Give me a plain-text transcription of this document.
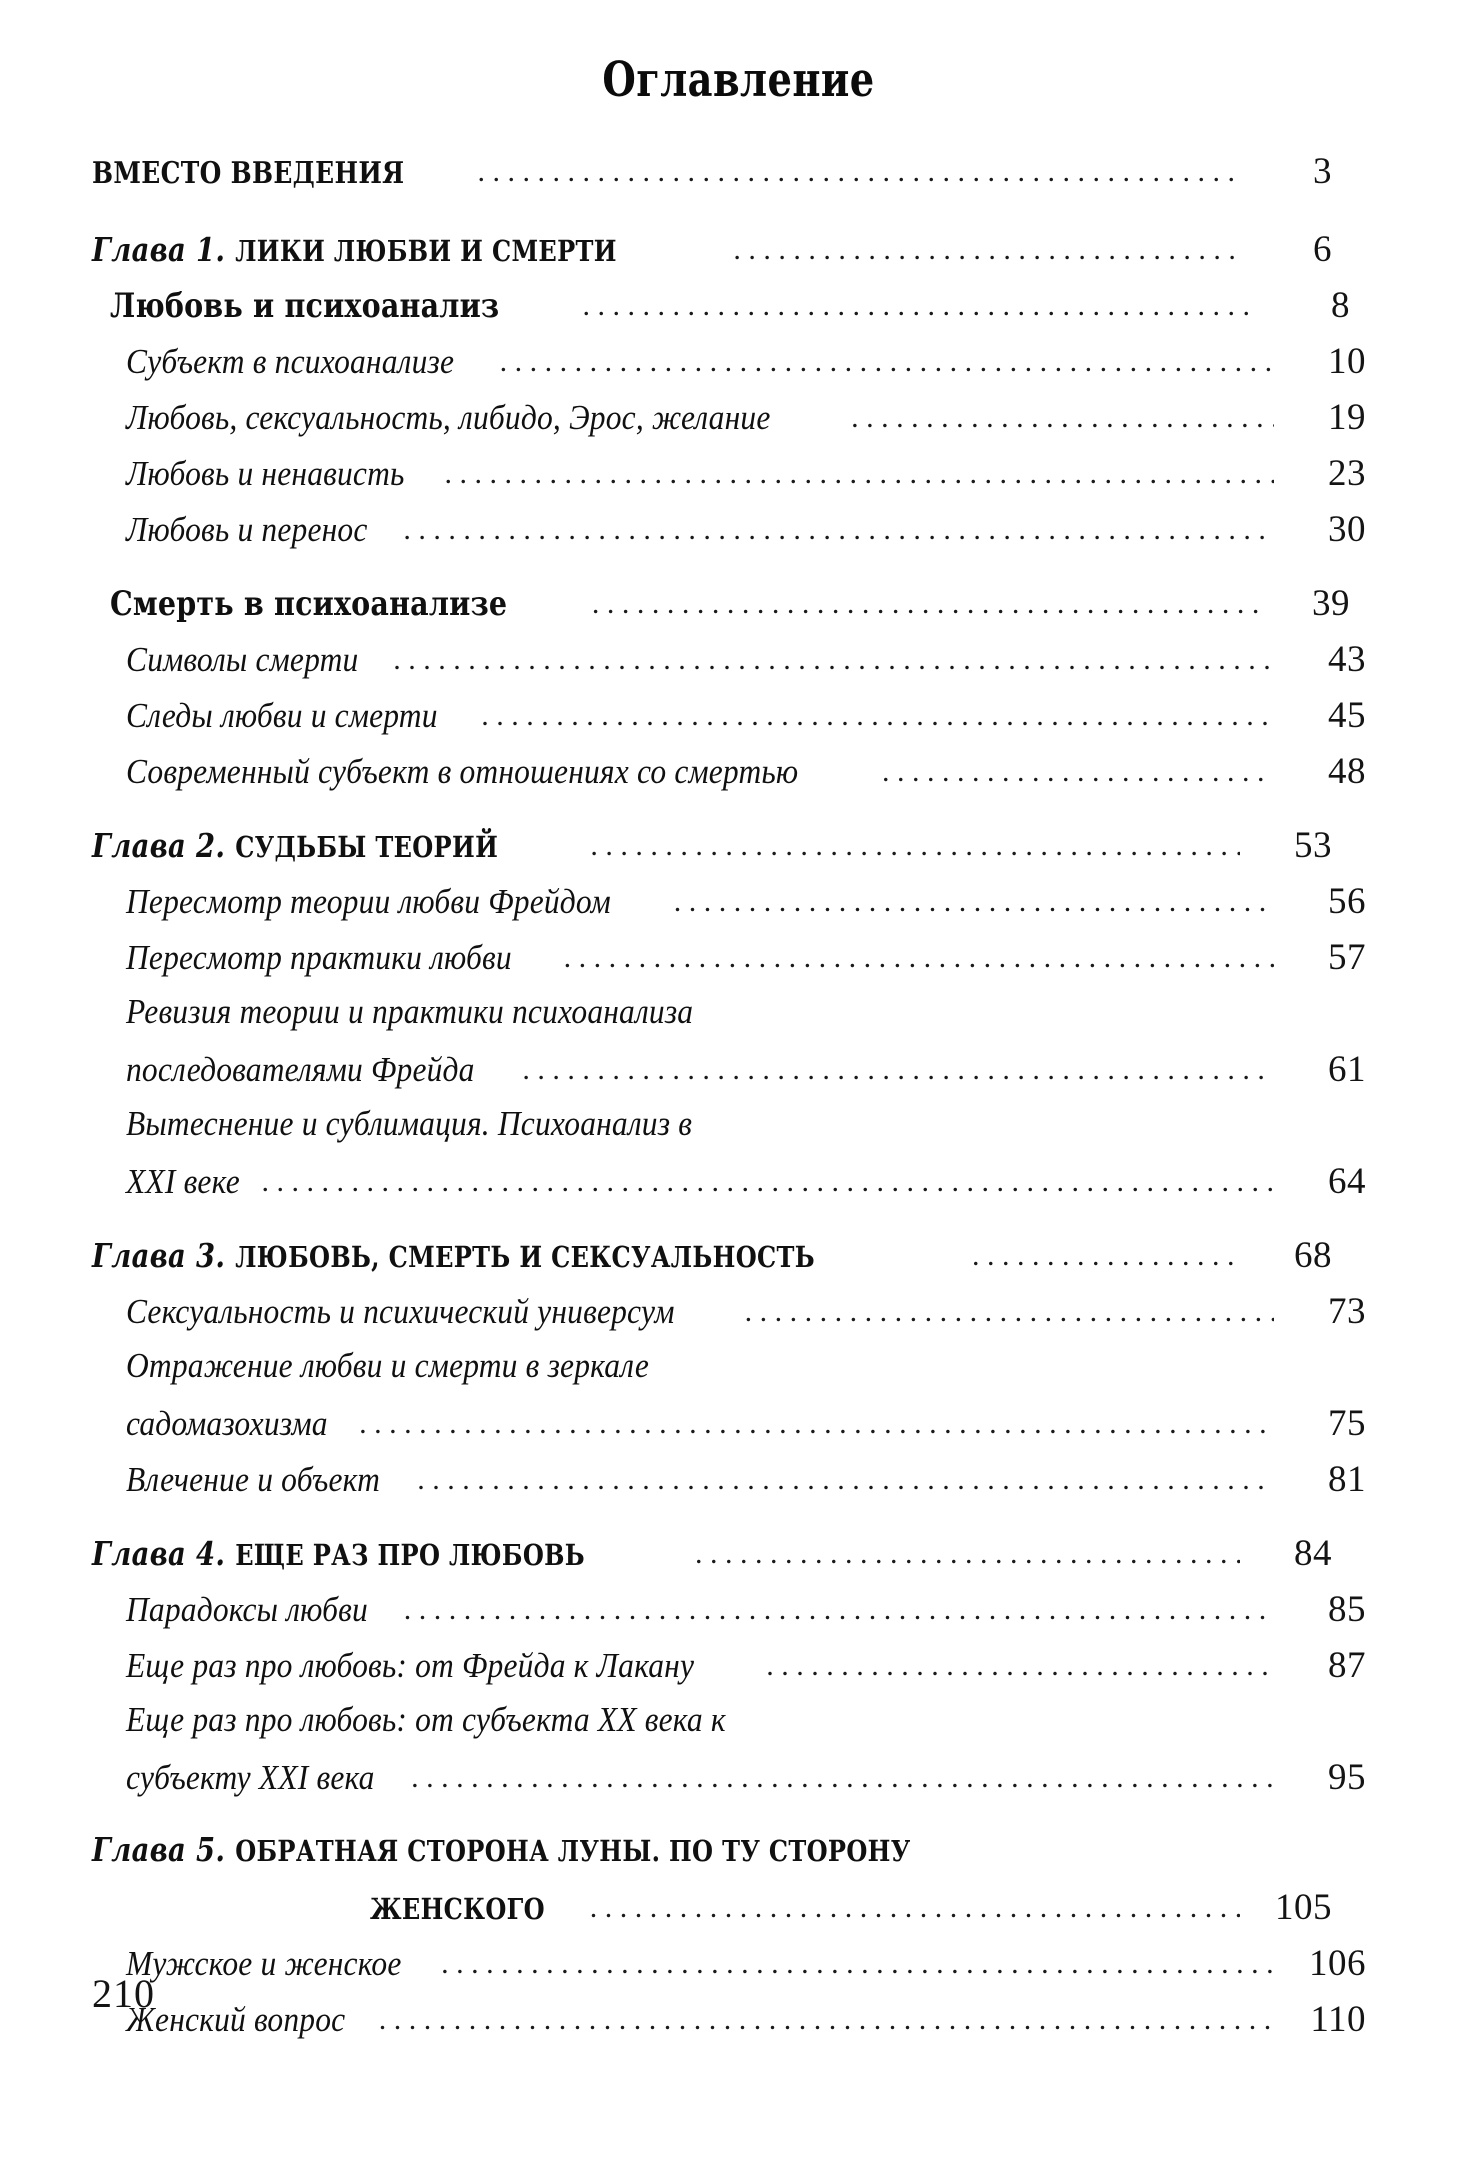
Оглавление
ВМЕСТО ВВЕДЕНИЯ .....	3
Глава 1. ЛИКИ ЛЮБВИ И СМЕРТИ .....	6
Любовь и психоанализ .....	8
Субъект в психоанализе .....	10
Любовь, сексуальность, либидо, Эрос, желание .....	19
Любовь и ненависть .....	23
Любовь и перенос .....	30
Смерть в психоанализе .....	39
Символы смерти .....	43
Следы любви и смерти .....	45
Современный субъект в отношениях со смертью .....	48
Глава 2. СУДЬБЫ ТЕОРИЙ .....	53
Пересмотр теории любви Фрейдом .....	56
Пересмотр практики любви .....	57
Ревизия теории и практики психоанализа
последователями Фрейда .....	61
Вытеснение и сублимация. Психоанализ в
XXI веке .....	64
Глава 3. ЛЮБОВЬ, СМЕРТЬ И СЕКСУАЛЬНОСТЬ .....	68
Сексуальность и психический универсум .....	73
Отражение любви и смерти в зеркале
садомазохизма .....	75
Влечение и объект .....	81
Глава 4. ЕЩЕ РАЗ ПРО ЛЮБОВЬ .....	84
Парадоксы любви .....	85
Еще раз про любовь: от Фрейда к Лакану .....	87
Еще раз про любовь: от субъекта XX века к
субъекту XXI века .....	95
Глава 5. ОБРАТНАЯ СТОРОНА ЛУНЫ. ПО ТУ СТОРОНУ
ЖЕНСКОГО .....	105
Мужское и женское .....	106
Женский вопрос .....	110
210
